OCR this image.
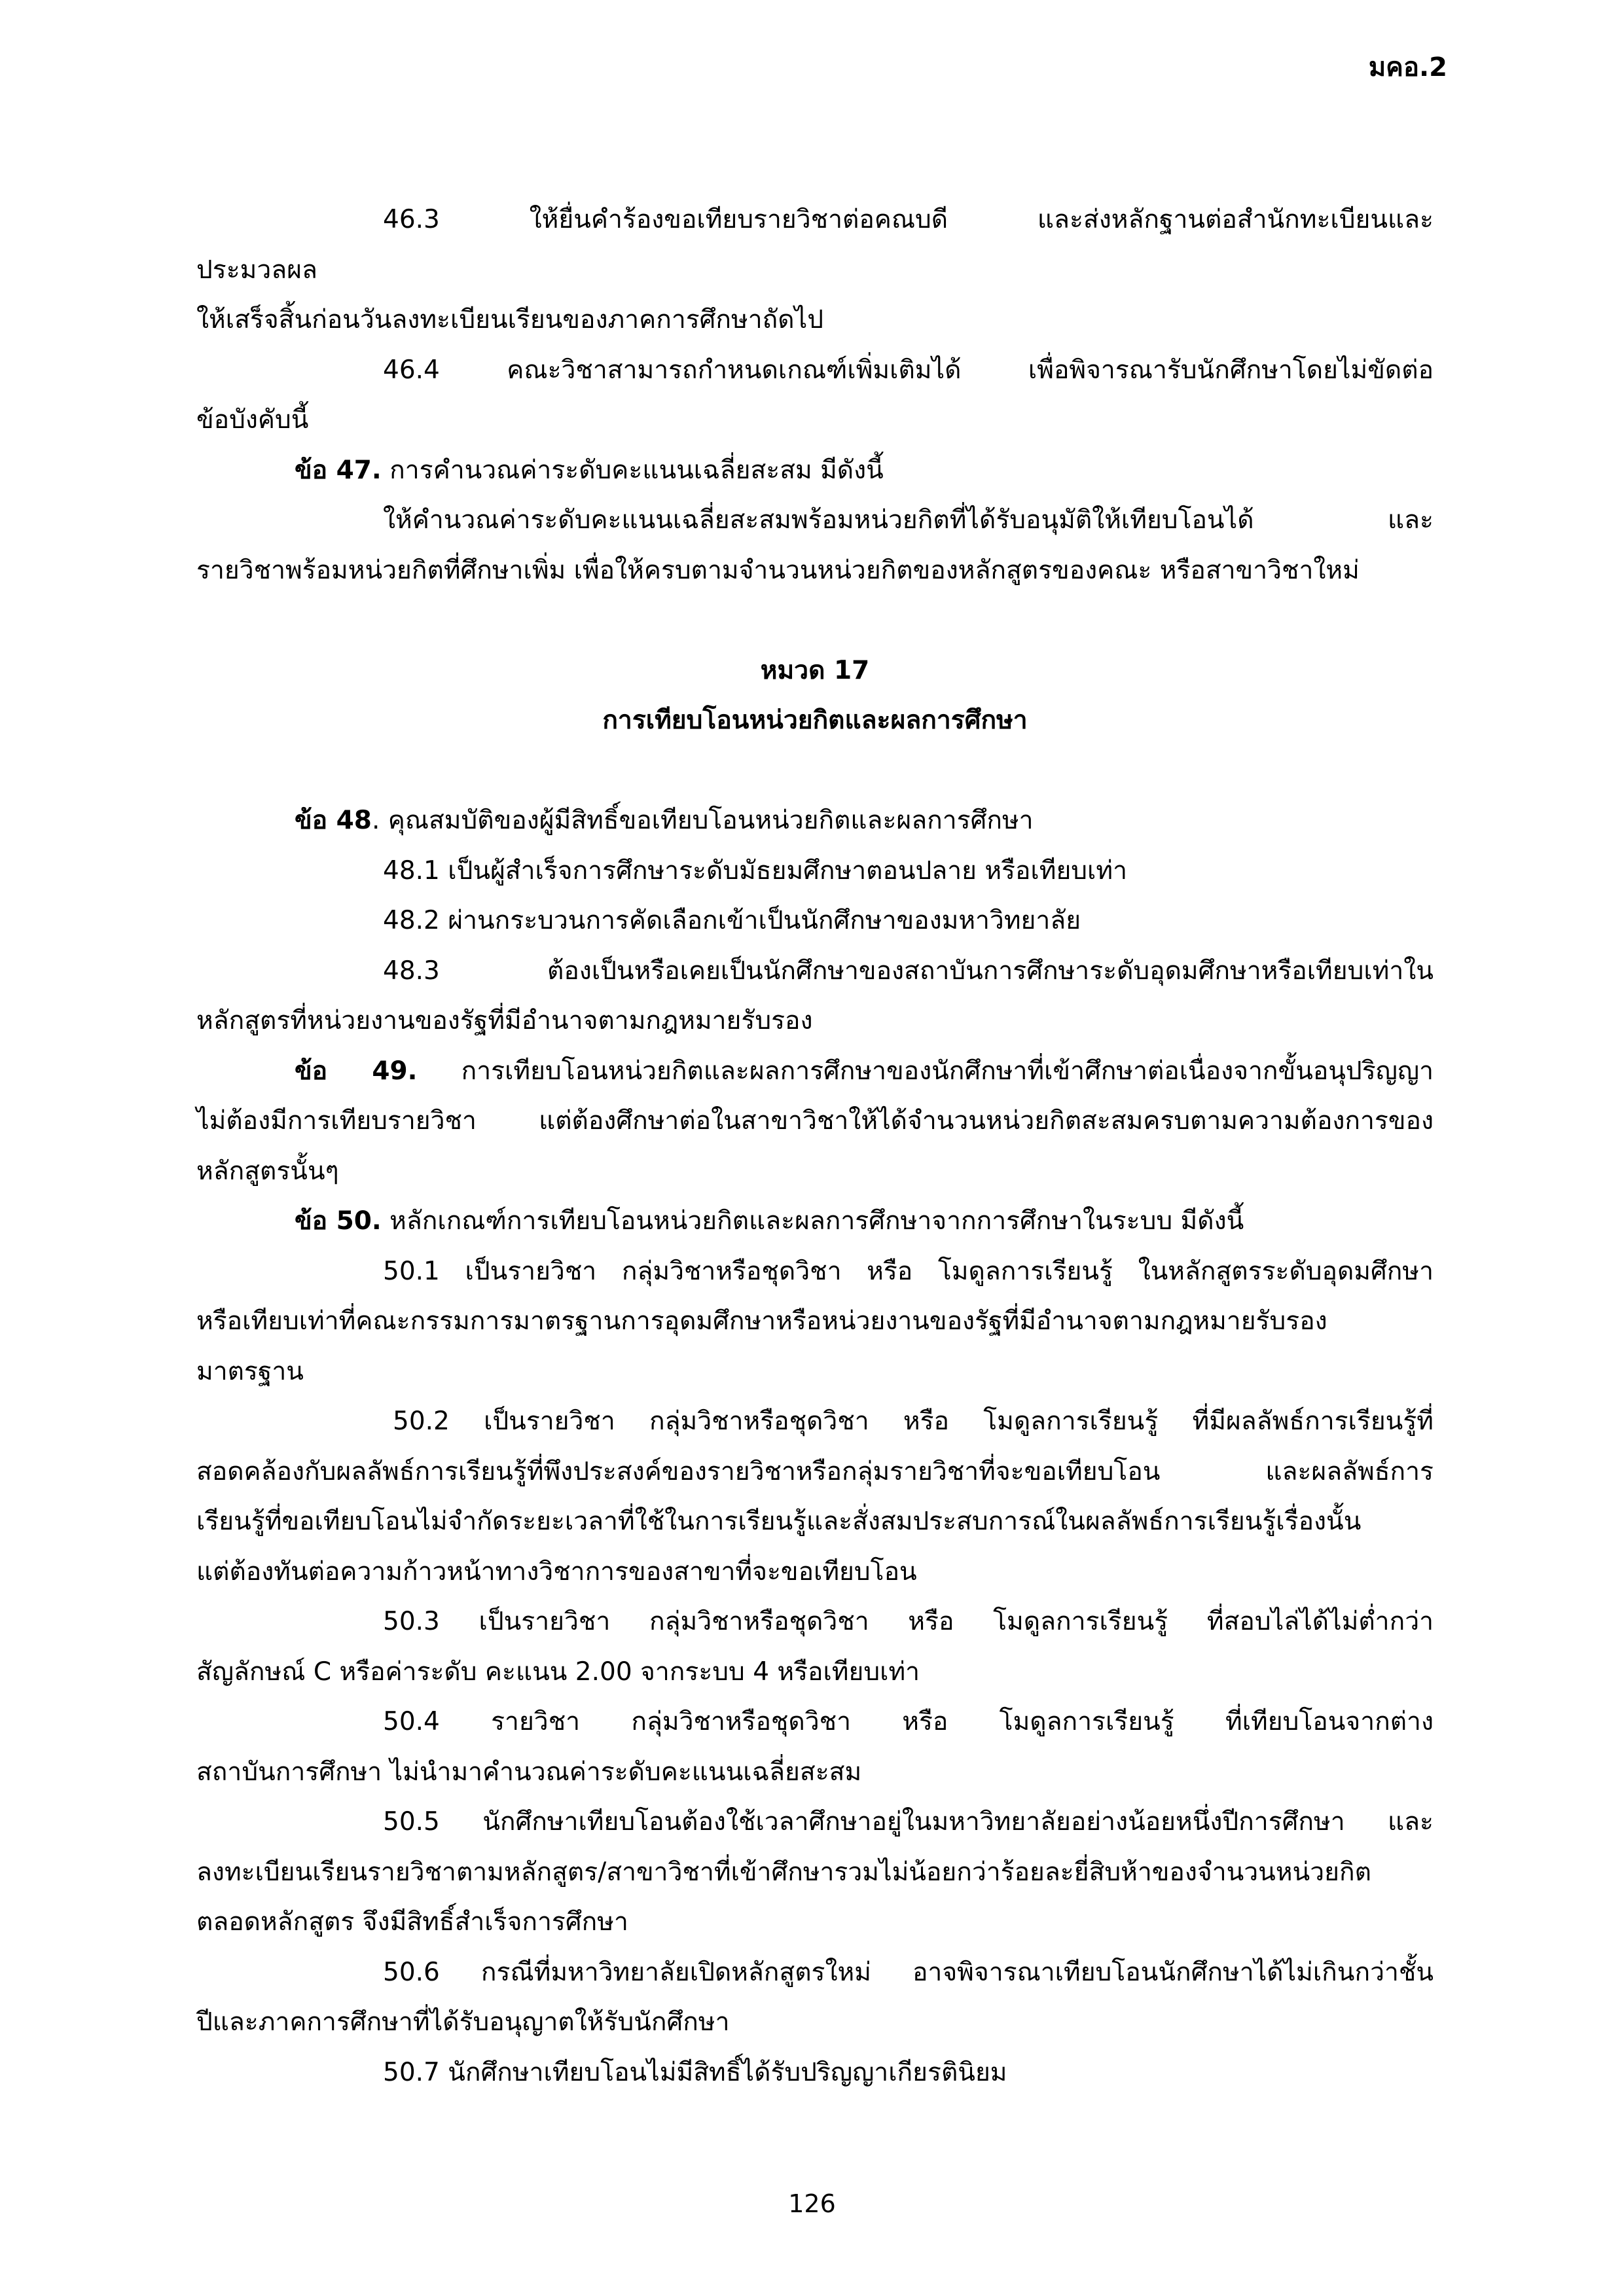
มคอ.2

46.3 ให้ยื่นคำร้องขอเทียบรายวิชาต่อคณบดี และส่งหลักฐานต่อสำนักทะเบียนและ

ประมวลผล

ให้เสร็จสิ้นก่อนวันลงทะเบียนเรียนของภาคการศึกษาถัดไป

46.4 คณะวิชาสามารถกำหนดเกณฑ์เพิ่มเติมได้ เพื่อพิจารณารับนักศึกษาโดยไม่ขัดต่อ

ข้อบังคับนี้

ข้อ 47. การคำนวณค่าระดับคะแนนเฉลี่ยสะสม มีดังนี้

ให้คำนวณค่าระดับคะแนนเฉลี่ยสะสมพร้อมหน่วยกิตที่ได้รับอนุมัติให้เทียบโอนได้ และ

รายวิชาพร้อมหน่วยกิตที่ศึกษาเพิ่ม เพื่อให้ครบตามจำนวนหน่วยกิตของหลักสูตรของคณะ หรือสาขาวิชาใหม่

หมวด 17

การเทียบโอนหน่วยกิตและผลการศึกษา

ข้อ 48. คุณสมบัติของผู้มีสิทธิ์ขอเทียบโอนหน่วยกิตและผลการศึกษา

48.1 เป็นผู้สำเร็จการศึกษาระดับมัธยมศึกษาตอนปลาย หรือเทียบเท่า

48.2 ผ่านกระบวนการคัดเลือกเข้าเป็นนักศึกษาของมหาวิทยาลัย

48.3 ต้องเป็นหรือเคยเป็นนักศึกษาของสถาบันการศึกษาระดับอุดมศึกษาหรือเทียบเท่าใน

หลักสูตรที่หน่วยงานของรัฐที่มีอำนาจตามกฎหมายรับรอง

ข้อ 49. การเทียบโอนหน่วยกิตและผลการศึกษาของนักศึกษาที่เข้าศึกษาต่อเนื่องจากขั้นอนุปริญญา

ไม่ต้องมีการเทียบรายวิชา แต่ต้องศึกษาต่อในสาขาวิชาให้ได้จำนวนหน่วยกิตสะสมครบตามความต้องการของ

หลักสูตรนั้นๆ

ข้อ 50. หลักเกณฑ์การเทียบโอนหน่วยกิตและผลการศึกษาจากการศึกษาในระบบ มีดังนี้

50.1 เป็นรายวิชา กลุ่มวิชาหรือชุดวิชา หรือ โมดูลการเรียนรู้ ในหลักสูตรระดับอุดมศึกษา

หรือเทียบเท่าที่คณะกรรมการมาตรฐานการอุดมศึกษาหรือหน่วยงานของรัฐที่มีอำนาจตามกฎหมายรับรอง

มาตรฐาน

50.2 เป็นรายวิชา กลุ่มวิชาหรือชุดวิชา หรือ โมดูลการเรียนรู้ ที่มีผลลัพธ์การเรียนรู้ที่

สอดคล้องกับผลลัพธ์การเรียนรู้ที่พึงประสงค์ของรายวิชาหรือกลุ่มรายวิชาที่จะขอเทียบโอน และผลลัพธ์การ

เรียนรู้ที่ขอเทียบโอนไม่จำกัดระยะเวลาที่ใช้ในการเรียนรู้และสั่งสมประสบการณ์ในผลลัพธ์การเรียนรู้เรื่องนั้น

แต่ต้องทันต่อความก้าวหน้าทางวิชาการของสาขาที่จะขอเทียบโอน

50.3 เป็นรายวิชา กลุ่มวิชาหรือชุดวิชา หรือ โมดูลการเรียนรู้ ที่สอบไล่ได้ไม่ต่ำกว่า

สัญลักษณ์ C หรือค่าระดับ คะแนน 2.00 จากระบบ 4 หรือเทียบเท่า

50.4 รายวิชา กลุ่มวิชาหรือชุดวิชา หรือ โมดูลการเรียนรู้ ที่เทียบโอนจากต่าง

สถาบันการศึกษา ไม่นำมาคำนวณค่าระดับคะแนนเฉลี่ยสะสม

50.5 นักศึกษาเทียบโอนต้องใช้เวลาศึกษาอยู่ในมหาวิทยาลัยอย่างน้อยหนึ่งปีการศึกษา และ

ลงทะเบียนเรียนรายวิชาตามหลักสูตร/สาขาวิชาที่เข้าศึกษารวมไม่น้อยกว่าร้อยละยี่สิบห้าของจำนวนหน่วยกิต

ตลอดหลักสูตร จึงมีสิทธิ์สำเร็จการศึกษา

50.6 กรณีที่มหาวิทยาลัยเปิดหลักสูตรใหม่ อาจพิจารณาเทียบโอนนักศึกษาได้ไม่เกินกว่าชั้น

ปีและภาคการศึกษาที่ได้รับอนุญาตให้รับนักศึกษา

50.7 นักศึกษาเทียบโอนไม่มีสิทธิ์ได้รับปริญญาเกียรตินิยม

126
